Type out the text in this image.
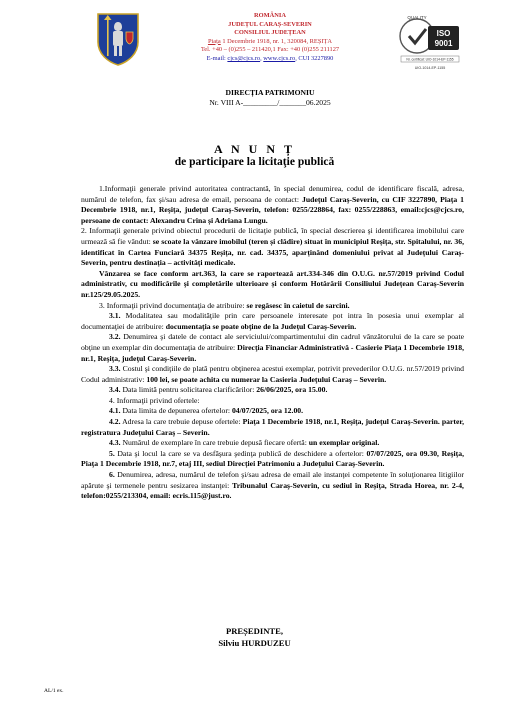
ROMÂNIA
JUDEȚUL CARAȘ-SEVERIN
CONSILIUL JUDEȚEAN
Piața 1 Decembrie 1918, nr. 1, 320084, REȘIȚA
Tel. +40 – (0)255 – 211420,1 Fax: +40 (0)255 211127
E-mail: cjcs@cjcs.ro, www.cjcs.ro, CUI 3227890
QUALITY
ISO
9001
Nr. certificat: UIO-1014-EP-1155
UIO-1014-EP-1155
DIRECȚIA PATRIMONIU
Nr. VIII A-_________/_______06.2025
A N U N Ț
de participare la licitaţie publică

1.Informaţii generale privind autoritatea contractantă, în special denumirea, codul de identificare fiscală, adresa, numărul de telefon, fax şi/sau adresa de email, persoana de contact: Judeţul Caraş-Severin, cu CIF 3227890, Piaţa 1 Decembrie 1918, nr.1, Reşiţa, judeţul Caraş-Severin, telefon: 0255/228864, fax: 0255/228863, email:cjcs@cjcs.ro, persoane de contact: Alexandru Crina și Adriana Lungu.

2. Informaţii generale privind obiectul procedurii de licitaţie publică, în special descrierea şi identificarea imobilului care urmează să fie vândut: se scoate la vânzare imobilul (teren și clădire) situat în municipiul Reșița, str. Spitalului, nr. 36, identificat în Cartea Funciară 34375 Reșița, nr. cad. 34375, aparținând domeniului privat al Județului Caraș-Severin, pentru destinația – activități medicale.

Vânzarea se face conform art.363, la care se raportează art.334-346 din O.U.G. nr.57/2019 privind Codul administrativ, cu modificările şi completările ulterioare și conform Hotărârii Consiliului Județean Caraș-Severin nr.125/29.05.2025.

3. Informaţii privind documentaţia de atribuire: se regăsesc în caietul de sarcini.

3.1. Modalitatea sau modalităţile prin care persoanele interesate pot intra în posesia unui exemplar al documentaţiei de atribuire: documentaţia se poate obţine de la Judeţul Caraş-Severin.

3.2. Denumirea şi datele de contact ale serviciului/compartimentului din cadrul vânzătorului de la care se poate obţine un exemplar din documentaţia de atribuire: Direcţia Financiar Administrativă - Casierie Piaţa 1 Decembrie 1918, nr.1, Reşiţa, judeţul Caraş-Severin.

3.3. Costul şi condiţiile de plată pentru obţinerea acestui exemplar, potrivit prevederilor O.U.G. nr.57/2019 privind Codul administrativ: 100 lei, se poate achita cu numerar la Casieria Judeţului Caraş – Severin.

3.4. Data limită pentru solicitarea clarificărilor: 26/06/2025, ora 15.00.

4. Informaţii privind ofertele:

4.1. Data limita de depunerea ofertelor: 04/07/2025, ora 12.00.

4.2. Adresa la care trebuie depuse ofertele: Piaţa 1 Decembrie 1918, nr.1, Reşiţa, judeţul Caraş-Severin. parter, registratura Judeţului Caraş – Severin.

4.3. Numărul de exemplare în care trebuie depusă fiecare ofertă: un exemplar original.

5. Data şi locul la care se va desfăşura şedinţa publică de deschidere a ofertelor: 07/07/2025, ora 09.30, Reşiţa, Piaţa 1 Decembrie 1918, nr.7, etaj III, sediul Direcției Patrimoniu a Judeţului Caraş-Severin.

6. Denumirea, adresa, numărul de telefon şi/sau adresa de email ale instanţei competente în soluţionarea litigiilor apărute şi termenele pentru sesizarea instanţei: Tribunalul Caraş-Severin, cu sediul în Reşiţa, Strada Horea, nr. 2-4, telefon:0255/213304, email: ecris.115@just.ro.

PREȘEDINTE,
Silviu HURDUZEU
AL/1 ex.
